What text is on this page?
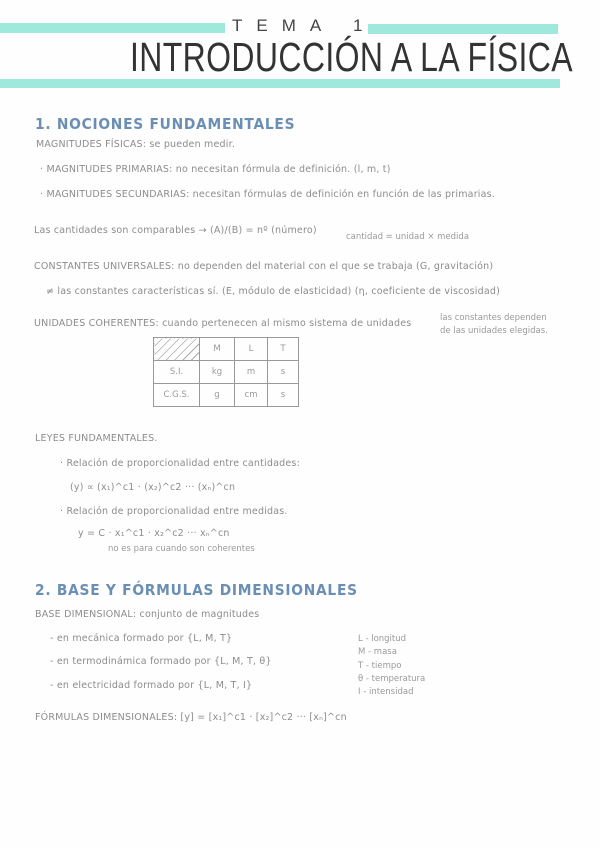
TEMA 1
INTRODUCCIÓN A LA FÍSICA
1. NOCIONES FUNDAMENTALES
MAGNITUDES FÍSICAS: se pueden medir.
· MAGNITUDES PRIMARIAS: no necesitan fórmula de definición. (l, m, t)
· MAGNITUDES SECUNDARIAS: necesitan fórmulas de definición en función de las primarias.
Las cantidades son comparables → (A)/(B) = nº (número)
cantidad = unidad × medida
CONSTANTES UNIVERSALES: no dependen del material con el que se trabaja (G, gravitación)
≠ las constantes características sí. (E, módulo de elasticidad) (η, coeficiente de viscosidad)
UNIDADES COHERENTES: cuando pertenecen al mismo sistema de unidades	las constantes dependen
de las unidades elegidas.
	M	L	T
S.I.	kg	m	s
C.G.S.	g	cm	s
LEYES FUNDAMENTALES.
· Relación de proporcionalidad entre cantidades:
(y) ∝ (x₁)^c1 · (x₂)^c2 ··· (xₙ)^cn
· Relación de proporcionalidad entre medidas.
y = C · x₁^c1 · x₂^c2 ··· xₙ^cn
no es para cuando son coherentes
2. BASE Y FÓRMULAS DIMENSIONALES
BASE DIMENSIONAL: conjunto de magnitudes
- en mecánica formado por {L, M, T}
- en termodinámica formado por {L, M, T, θ}
- en electricidad formado por {L, M, T, I}
L - longitud
M - masa
T - tiempo
θ - temperatura
I - intensidad
FÓRMULAS DIMENSIONALES: [y] = [x₁]^c1 · [x₂]^c2 ··· [xₙ]^cn
